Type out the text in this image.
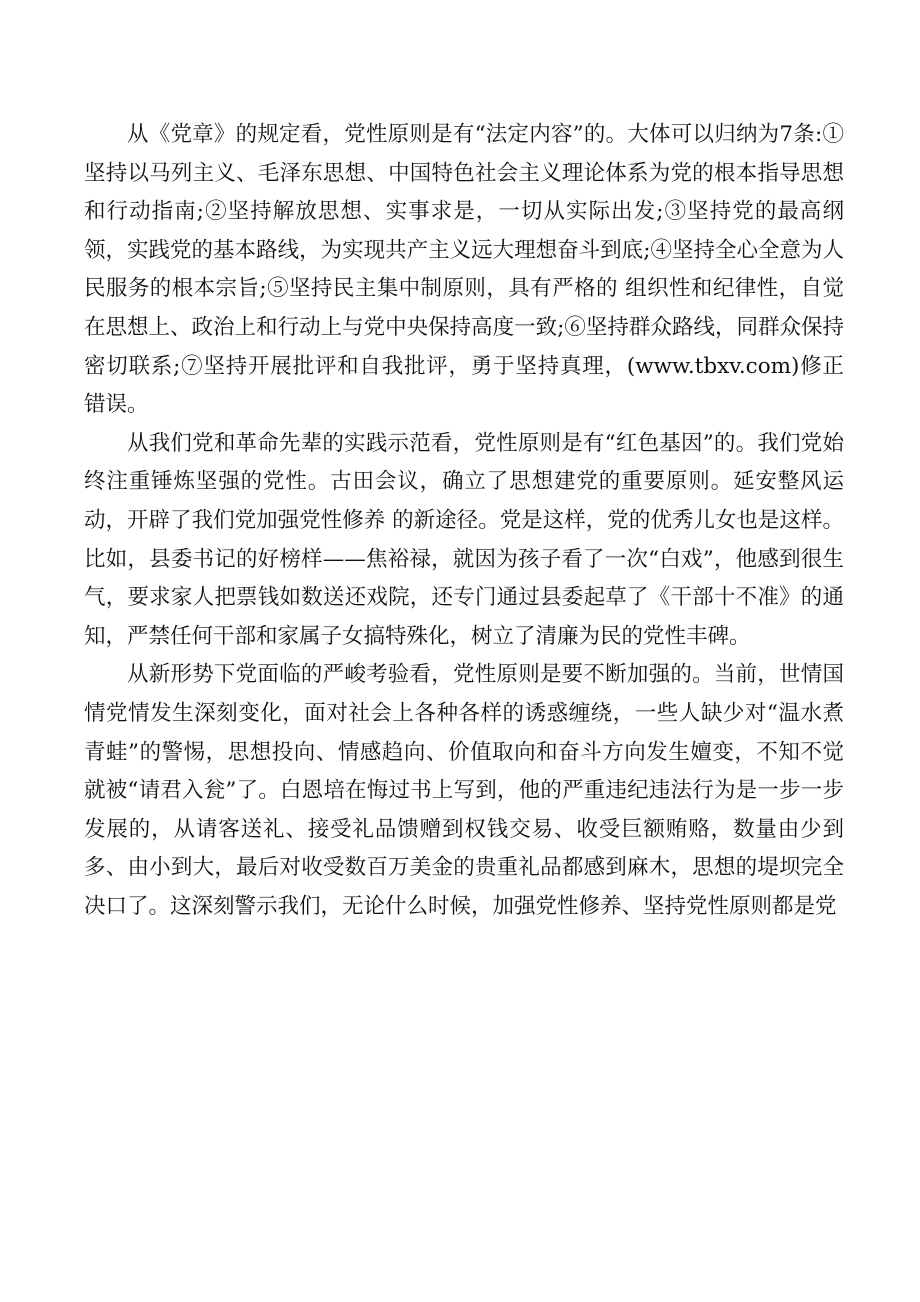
从《党章》的规定看，党性原则是有“法定内容”的。大体可以归纳为7条:①坚持以马列主义、毛泽东思想、中国特色社会主义理论体系为党的根本指导思想和行动指南;②坚持解放思想、实事求是，一切从实际出发;③坚持党的最高纲领，实践党的基本路线，为实现共产主义远大理想奋斗到底;④坚持全心全意为人民服务的根本宗旨;⑤坚持民主集中制原则，具有严格的 组织性和纪律性，自觉在思想上、政治上和行动上与党中央保持高度一致;⑥坚持群众路线，同群众保持密切联系;⑦坚持开展批评和自我批评，勇于坚持真理，(www.tbxv.com)修正错误。

从我们党和革命先辈的实践示范看，党性原则是有“红色基因”的。我们党始终注重锤炼坚强的党性。古田会议，确立了思想建党的重要原则。延安整风运动，开辟了我们党加强党性修养 的新途径。党是这样，党的优秀儿女也是这样。比如，县委书记的好榜样——焦裕禄，就因为孩子看了一次“白戏”，他感到很生气，要求家人把票钱如数送还戏院，还专门通过县委起草了《干部十不准》的通知，严禁任何干部和家属子女搞特殊化，树立了清廉为民的党性丰碑。

从新形势下党面临的严峻考验看，党性原则是要不断加强的。当前，世情国情党情发生深刻变化，面对社会上各种各样的诱惑缠绕，一些人缺少对“温水煮青蛙”的警惕，思想投向、情感趋向、价值取向和奋斗方向发生嬗变，不知不觉就被“请君入瓮”了。白恩培在悔过书上写到，他的严重违纪违法行为是一步一步发展的，从请客送礼、接受礼品馈赠到权钱交易、收受巨额贿赂，数量由少到多、由小到大，最后对收受数百万美金的贵重礼品都感到麻木，思想的堤坝完全决口了。这深刻警示我们，无论什么时候，加强党性修养、坚持党性原则都是党
